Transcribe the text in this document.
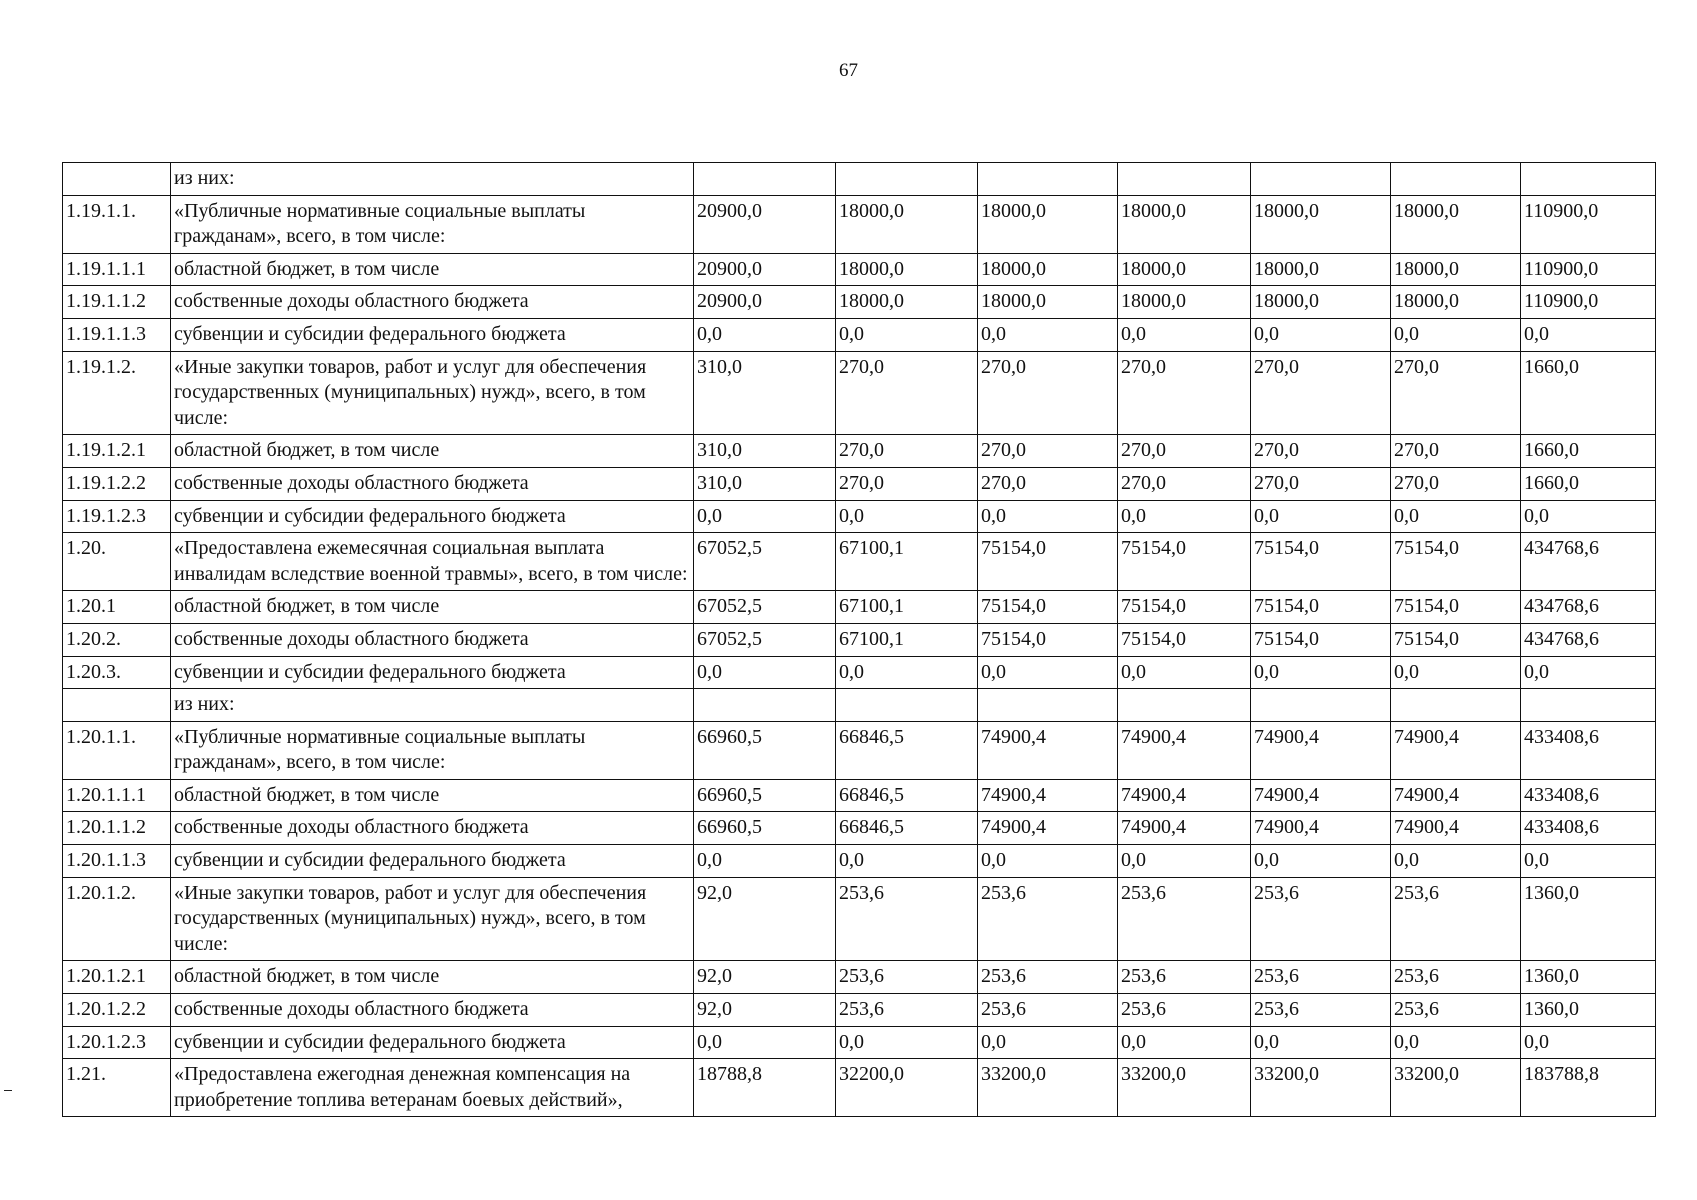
67
	из них:							
1.19.1.1.	«Публичные нормативные социальные выплаты гражданам», всего, в том числе:	20900,0	18000,0	18000,0	18000,0	18000,0	18000,0	110900,0
1.19.1.1.1	областной бюджет, в том числе	20900,0	18000,0	18000,0	18000,0	18000,0	18000,0	110900,0
1.19.1.1.2	собственные доходы областного бюджета	20900,0	18000,0	18000,0	18000,0	18000,0	18000,0	110900,0
1.19.1.1.3	субвенции и субсидии федерального бюджета	0,0	0,0	0,0	0,0	0,0	0,0	0,0
1.19.1.2.	«Иные закупки товаров, работ и услуг для обеспечения государственных (муниципальных) нужд», всего, в том числе:	310,0	270,0	270,0	270,0	270,0	270,0	1660,0
1.19.1.2.1	областной бюджет, в том числе	310,0	270,0	270,0	270,0	270,0	270,0	1660,0
1.19.1.2.2	собственные доходы областного бюджета	310,0	270,0	270,0	270,0	270,0	270,0	1660,0
1.19.1.2.3	субвенции и субсидии федерального бюджета	0,0	0,0	0,0	0,0	0,0	0,0	0,0
1.20.	«Предоставлена ежемесячная социальная выплата инвалидам вследствие военной травмы», всего, в том числе:	67052,5	67100,1	75154,0	75154,0	75154,0	75154,0	434768,6
1.20.1	областной бюджет, в том числе	67052,5	67100,1	75154,0	75154,0	75154,0	75154,0	434768,6
1.20.2.	собственные доходы областного бюджета	67052,5	67100,1	75154,0	75154,0	75154,0	75154,0	434768,6
1.20.3.	субвенции и субсидии федерального бюджета	0,0	0,0	0,0	0,0	0,0	0,0	0,0
	из них:							
1.20.1.1.	«Публичные нормативные социальные выплаты гражданам», всего, в том числе:	66960,5	66846,5	74900,4	74900,4	74900,4	74900,4	433408,6
1.20.1.1.1	областной бюджет, в том числе	66960,5	66846,5	74900,4	74900,4	74900,4	74900,4	433408,6
1.20.1.1.2	собственные доходы областного бюджета	66960,5	66846,5	74900,4	74900,4	74900,4	74900,4	433408,6
1.20.1.1.3	субвенции и субсидии федерального бюджета	0,0	0,0	0,0	0,0	0,0	0,0	0,0
1.20.1.2.	«Иные закупки товаров, работ и услуг для обеспечения государственных (муниципальных) нужд», всего, в том числе:	92,0	253,6	253,6	253,6	253,6	253,6	1360,0
1.20.1.2.1	областной бюджет, в том числе	92,0	253,6	253,6	253,6	253,6	253,6	1360,0
1.20.1.2.2	собственные доходы областного бюджета	92,0	253,6	253,6	253,6	253,6	253,6	1360,0
1.20.1.2.3	субвенции и субсидии федерального бюджета	0,0	0,0	0,0	0,0	0,0	0,0	0,0
1.21.	«Предоставлена ежегодная денежная компенсация на приобретение топлива ветеранам боевых действий»,	18788,8	32200,0	33200,0	33200,0	33200,0	33200,0	183788,8
